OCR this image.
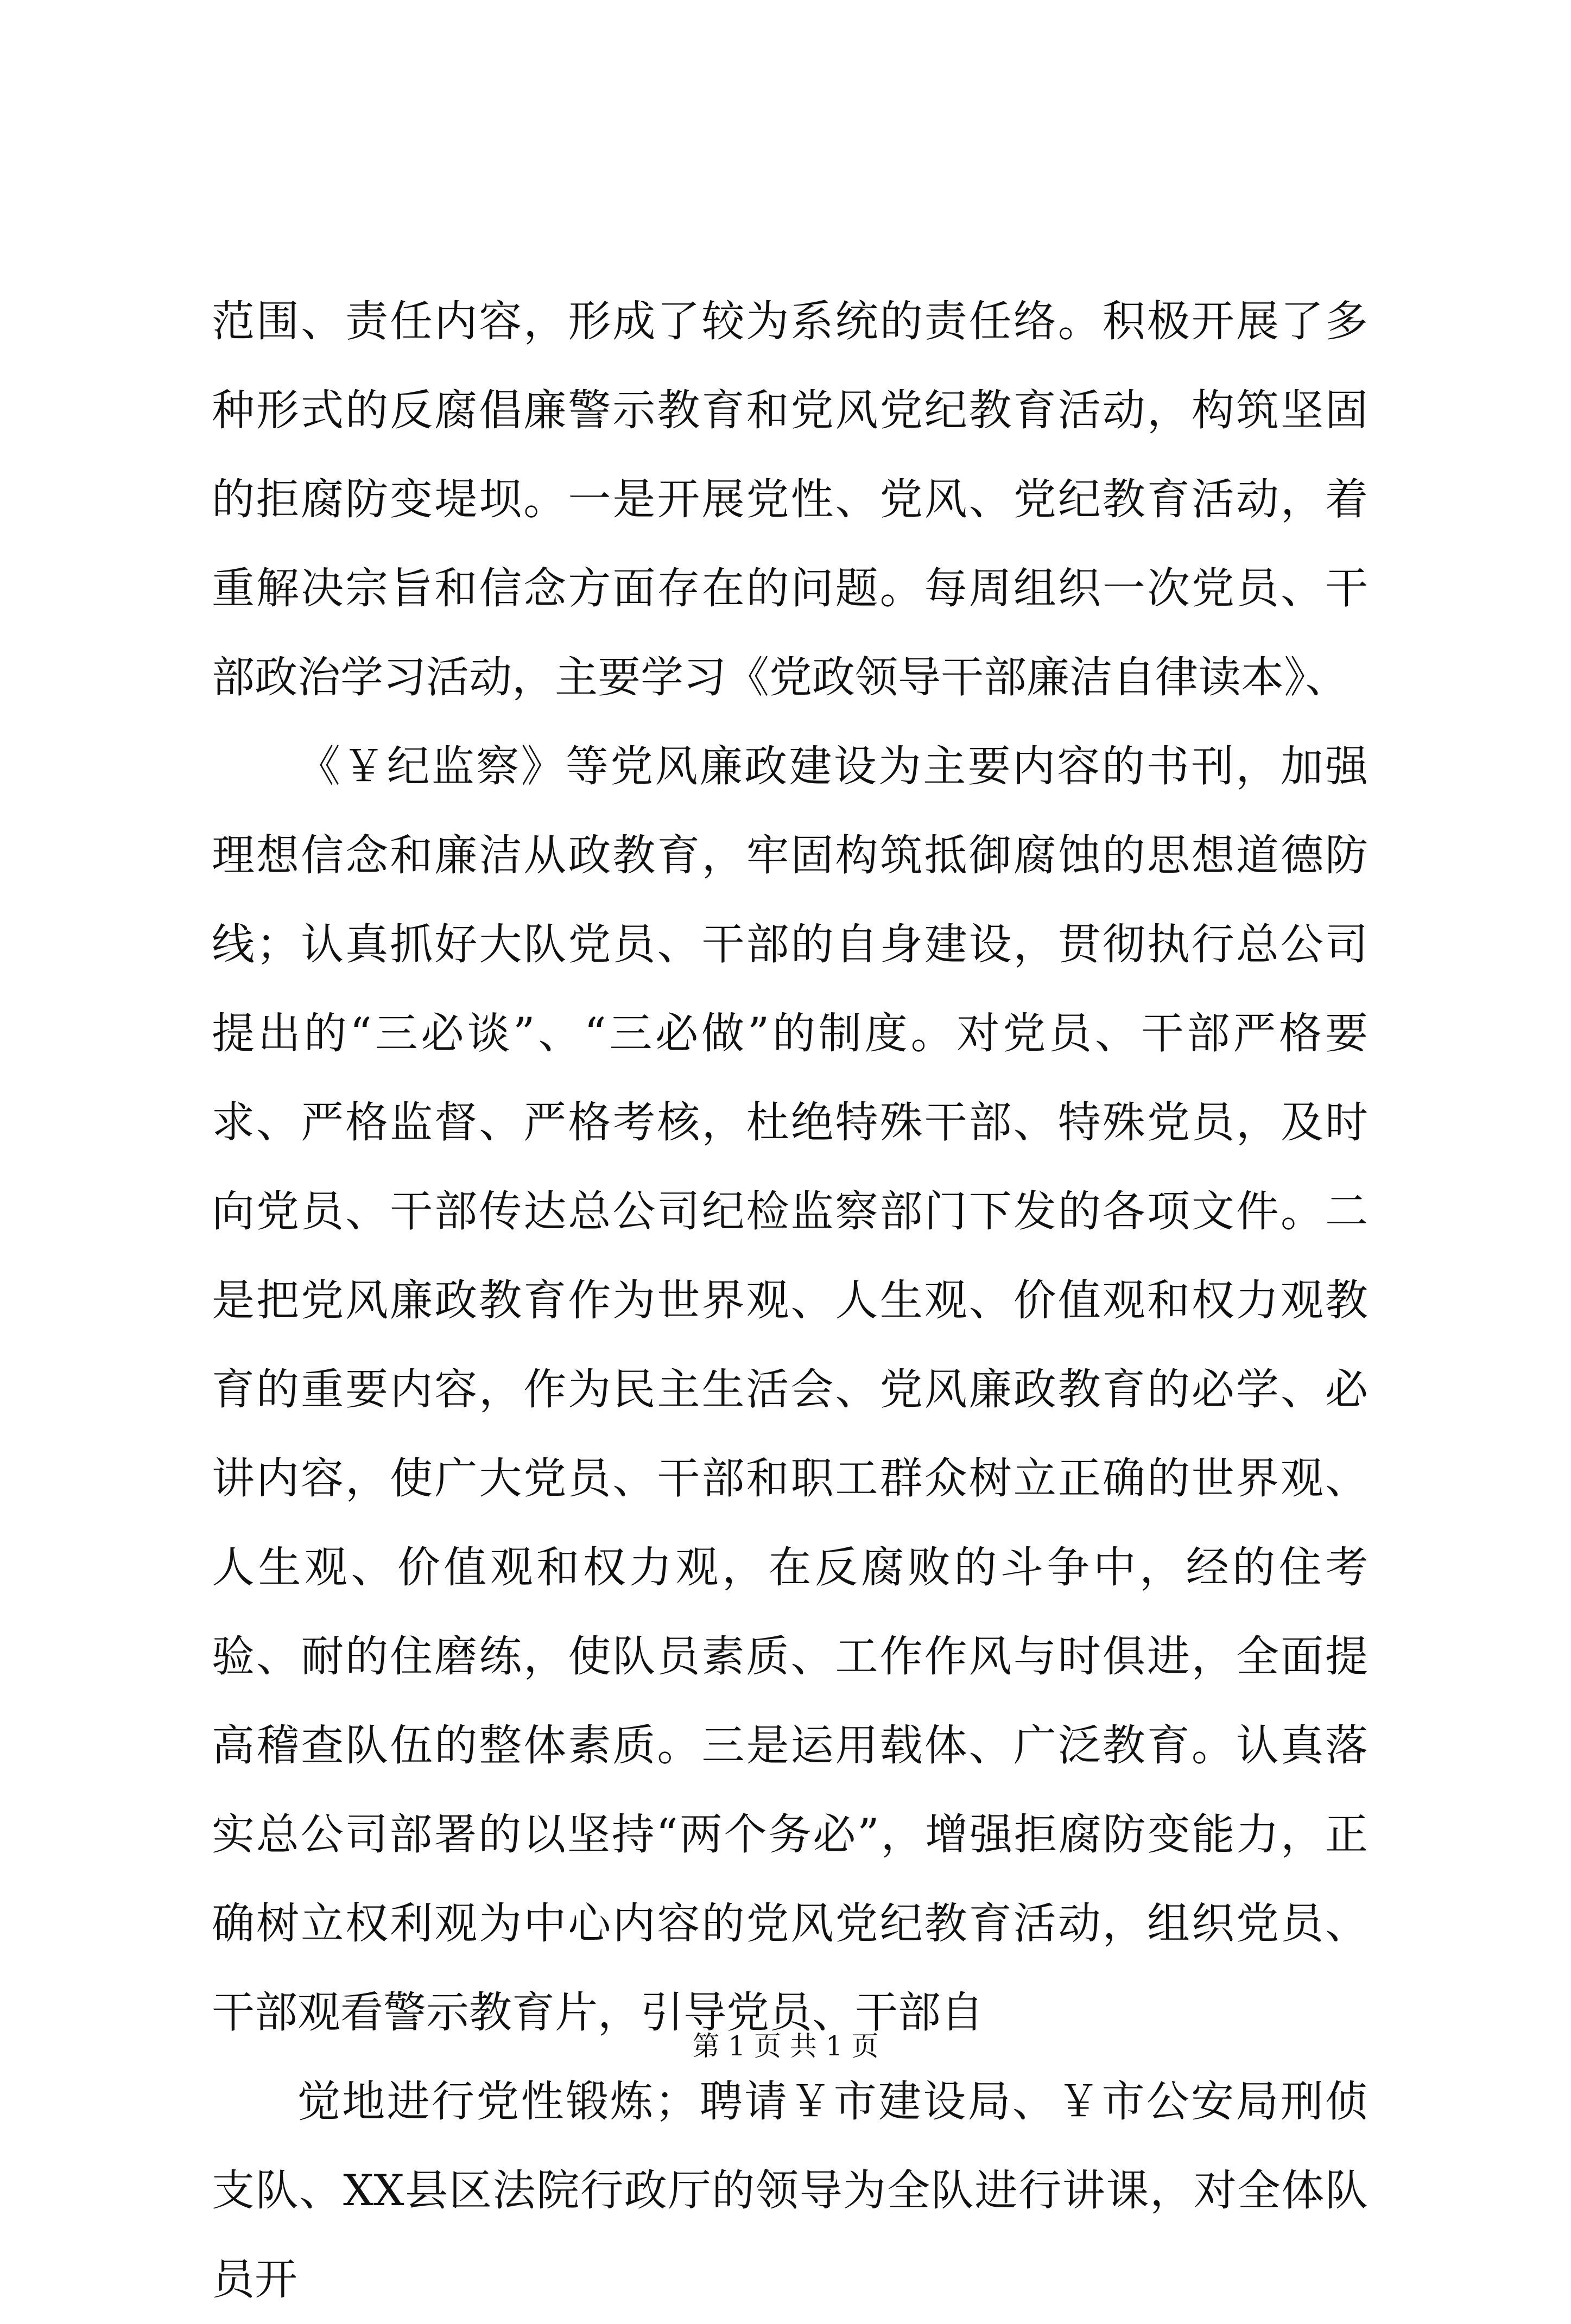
范围、责任内容，形成了较为系统的责任络。积极开展了多种形式的反腐倡廉警示教育和党风党纪教育活动，构筑坚固的拒腐防变堤坝。一是开展党性、党风、党纪教育活动，着重解决宗旨和信念方面存在的问题。每周组织一次党员、干部政治学习活动，主要学习《党政领导干部廉洁自律读本》、

《￥纪监察》等党风廉政建设为主要内容的书刊，加强理想信念和廉洁从政教育，牢固构筑抵御腐蚀的思想道德防线；认真抓好大队党员、干部的自身建设，贯彻执行总公司提出的“三必谈”、“三必做”的制度。对党员、干部严格要求、严格监督、严格考核，杜绝特殊干部、特殊党员，及时向党员、干部传达总公司纪检监察部门下发的各项文件。二是把党风廉政教育作为世界观、人生观、价值观和权力观教育的重要内容，作为民主生活会、党风廉政教育的必学、必讲内容，使广大党员、干部和职工群众树立正确的世界观、人生观、价值观和权力观，在反腐败的斗争中，经的住考验、耐的住磨练，使队员素质、工作作风与时俱进，全面提高稽查队伍的整体素质。三是运用载体、广泛教育。认真落实总公司部署的以坚持“两个务必”，增强拒腐防变能力，正确树立权利观为中心内容的党风党纪教育活动，组织党员、干部观看警示教育片，引导党员、干部自

觉地进行党性锻炼；聘请￥市建设局、￥市公安局刑侦支队、XX县区法院行政厅的领导为全队进行讲课，对全体队员开

第 1 页 共 1 页
